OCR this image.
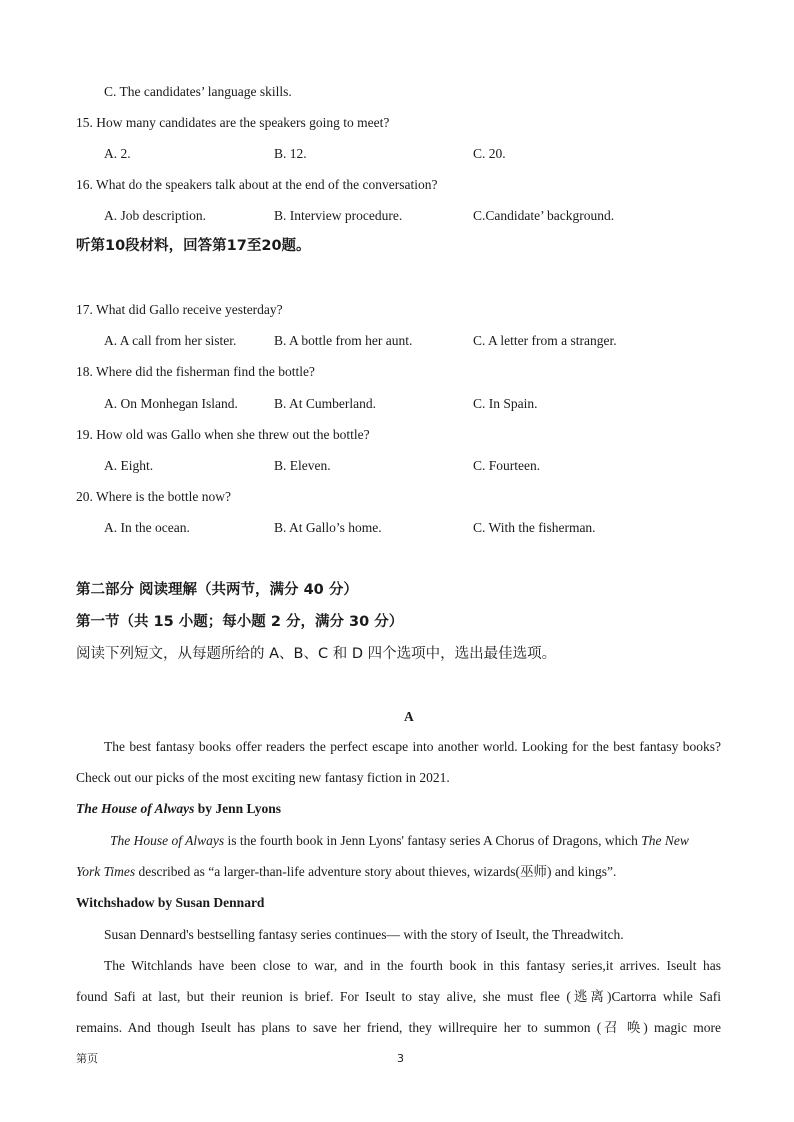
C. The candidates’ language skills.
15. How many candidates are the speakers going to meet?
A. 2.	B. 12.	C. 20.
16. What do the speakers talk about at the end of the conversation?
A. Job description.	B. Interview procedure.	C.Candidate’ background.
听第10段材料，回答第17至20题。
17. What did Gallo receive yesterday?
A. A call from her sister.	B. A bottle from her aunt.	C. A letter from a stranger.
18. Where did the fisherman find the bottle?
A. On Monhegan Island.	B. At Cumberland.	C. In Spain.
19. How old was Gallo when she threw out the bottle?
A. Eight.	B. Eleven.	C. Fourteen.
20. Where is the bottle now?
A. In the ocean.	B. At Gallo’s home.	C. With the fisherman.
第二部分 阅读理解（共两节，满分 40 分）
第一节（共 15 小题；每小题 2 分，满分 30 分）
阅读下列短文，从每题所给的 A、B、C 和 D 四个选项中，选出最佳选项。
A
The best fantasy books offer readers the perfect escape into another world. Looking for the best fantasy books?
Check out our picks of the most exciting new fantasy fiction in 2021.
The House of Always by Jenn Lyons
The House of Always is the fourth book in Jenn Lyons' fantasy series A Chorus of Dragons, which The New
York Times described as “a larger-than-life adventure story about thieves, wizards(巫师) and kings”.
Witchshadow by Susan Dennard
Susan Dennard's bestselling fantasy series continues— with the story of Iseult, the Threadwitch.
The Witchlands have been close to war, and in the fourth book in this fantasy series,it arrives. Iseult has
found Safi at last, but their reunion is brief. For Iseult to stay alive, she must flee (逃离)Cartorra while Safi
remains. And though Iseult has plans to save her friend, they willrequire her to summon (召 唤) magic more
第页	3
